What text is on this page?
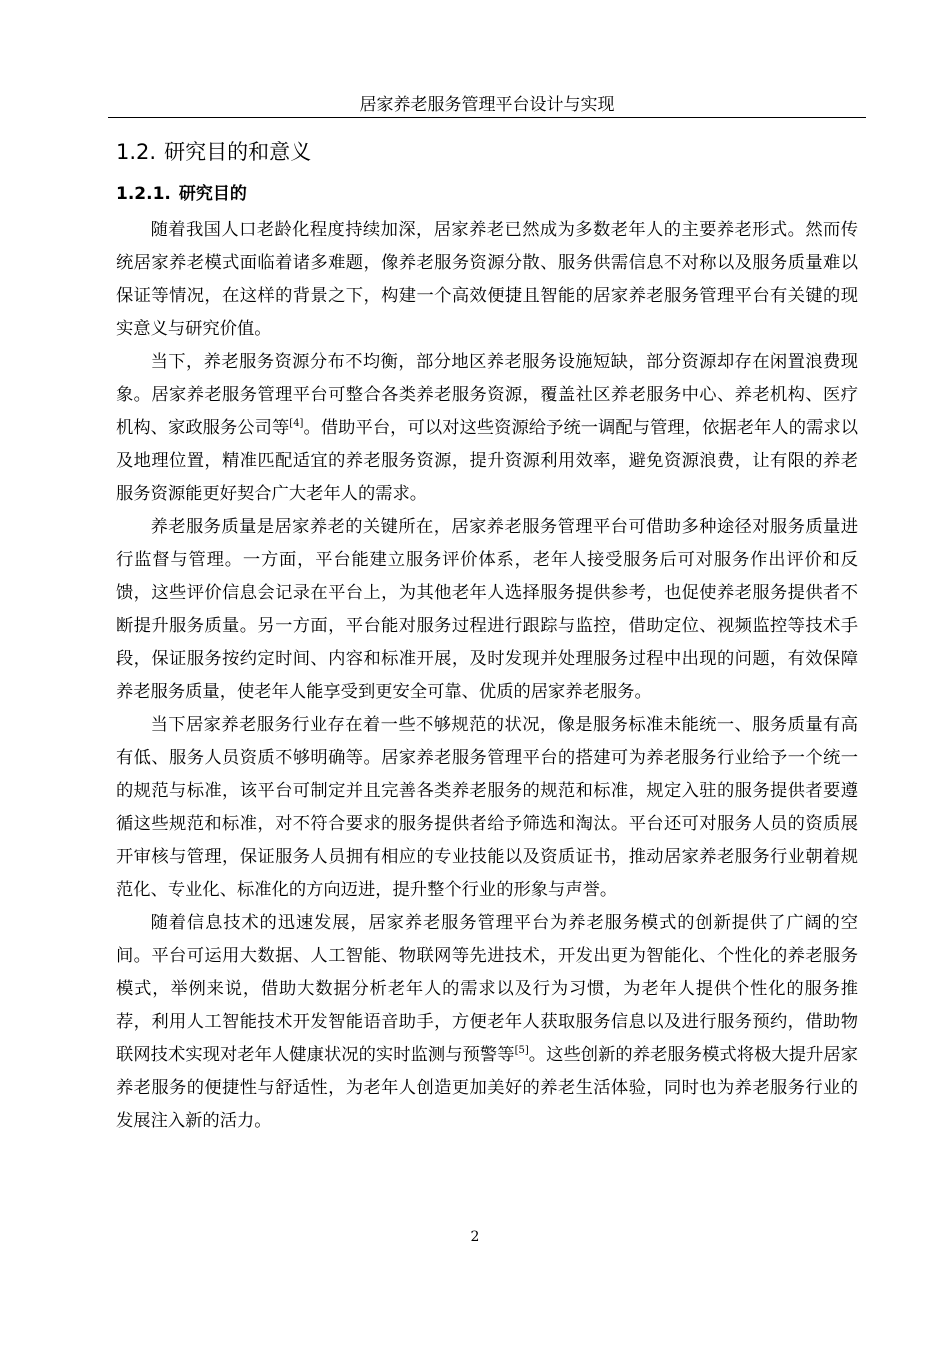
居家养老服务管理平台设计与实现
1.2. 研究目的和意义
1.2.1. 研究目的

随着我国人口老龄化程度持续加深，居家养老已然成为多数老年人的主要养老形式。然而传统居家养老模式面临着诸多难题，像养老服务资源分散、服务供需信息不对称以及服务质量难以保证等情况，在这样的背景之下，构建一个高效便捷且智能的居家养老服务管理平台有关键的现实意义与研究价值。

当下，养老服务资源分布不均衡，部分地区养老服务设施短缺，部分资源却存在闲置浪费现象。居家养老服务管理平台可整合各类养老服务资源，覆盖社区养老服务中心、养老机构、医疗机构、家政服务公司等[4]。借助平台，可以对这些资源给予统一调配与管理，依据老年人的需求以及地理位置，精准匹配适宜的养老服务资源，提升资源利用效率，避免资源浪费，让有限的养老服务资源能更好契合广大老年人的需求。

养老服务质量是居家养老的关键所在，居家养老服务管理平台可借助多种途径对服务质量进行监督与管理。一方面，平台能建立服务评价体系，老年人接受服务后可对服务作出评价和反馈，这些评价信息会记录在平台上，为其他老年人选择服务提供参考，也促使养老服务提供者不断提升服务质量。另一方面，平台能对服务过程进行跟踪与监控，借助定位、视频监控等技术手段，保证服务按约定时间、内容和标准开展，及时发现并处理服务过程中出现的问题，有效保障养老服务质量，使老年人能享受到更安全可靠、优质的居家养老服务。

当下居家养老服务行业存在着一些不够规范的状况，像是服务标准未能统一、服务质量有高有低、服务人员资质不够明确等。居家养老服务管理平台的搭建可为养老服务行业给予一个统一的规范与标准，该平台可制定并且完善各类养老服务的规范和标准，规定入驻的服务提供者要遵循这些规范和标准，对不符合要求的服务提供者给予筛选和淘汰。平台还可对服务人员的资质展开审核与管理，保证服务人员拥有相应的专业技能以及资质证书，推动居家养老服务行业朝着规范化、专业化、标准化的方向迈进，提升整个行业的形象与声誉。

随着信息技术的迅速发展，居家养老服务管理平台为养老服务模式的创新提供了广阔的空间。平台可运用大数据、人工智能、物联网等先进技术，开发出更为智能化、个性化的养老服务模式，举例来说，借助大数据分析老年人的需求以及行为习惯，为老年人提供个性化的服务推荐，利用人工智能技术开发智能语音助手，方便老年人获取服务信息以及进行服务预约，借助物联网技术实现对老年人健康状况的实时监测与预警等[5]。这些创新的养老服务模式将极大提升居家养老服务的便捷性与舒适性，为老年人创造更加美好的养老生活体验，同时也为养老服务行业的发展注入新的活力。

2
